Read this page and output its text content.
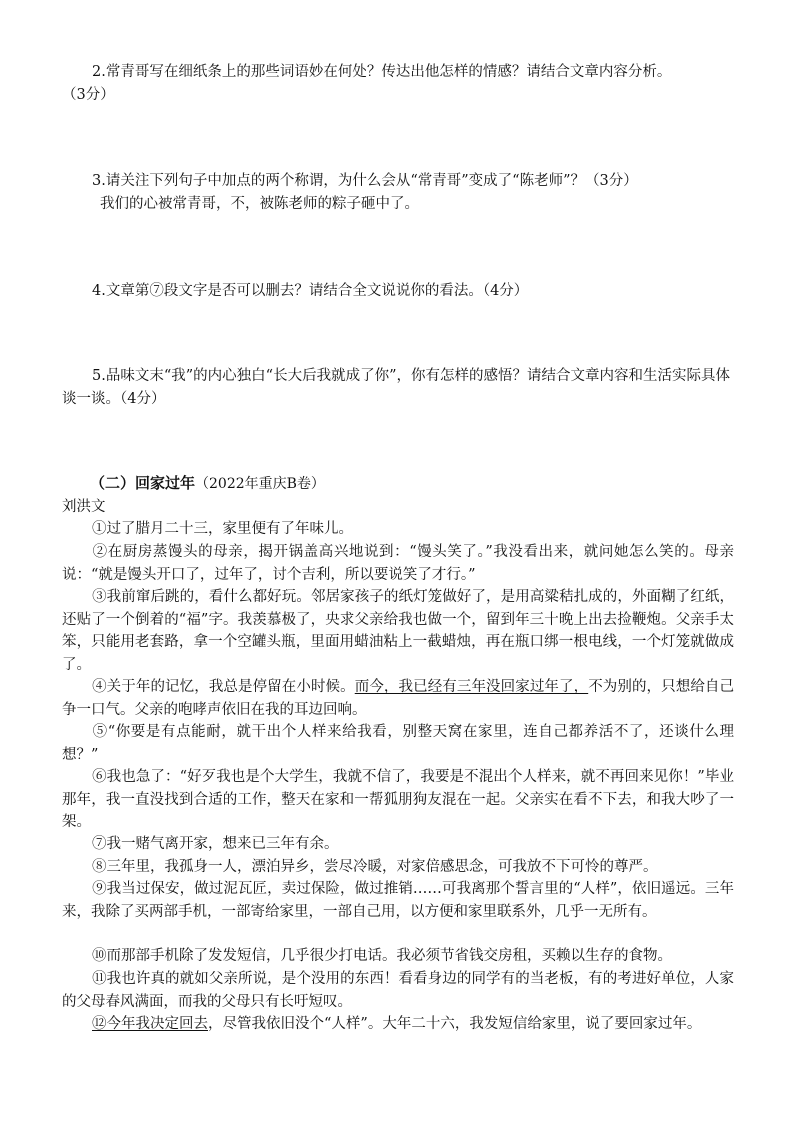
2.常青哥写在细纸条上的那些词语妙在何处？传达出他怎样的情感？请结合文章内容分析。
（3分）

3.请关注下列句子中加点的两个称谓，为什么会从“常青哥”变成了“陈老师”？（3分）
我们的心被常青哥，不，被陈老师的粽子砸中了。

4.文章第⑦段文字是否可以删去？请结合全文说说你的看法。（4分）

5.品味文末“我”的内心独白“长大后我就成了你”，你有怎样的感悟？请结合文章内容和生活实际具体谈一谈。（4分）

（二）回家过年（2022年重庆B卷）

刘洪文

①过了腊月二十三，家里便有了年味儿。

②在厨房蒸馒头的母亲，揭开锅盖高兴地说到：“馒头笑了。”我没看出来，就问她怎么笑的。母亲说：“就是馒头开口了，过年了，讨个吉利，所以要说笑了才行。”

③我前窜后跳的，看什么都好玩。邻居家孩子的纸灯笼做好了，是用高粱秸扎成的，外面糊了红纸，还贴了一个倒着的“福”字。我羡慕极了，央求父亲给我也做一个，留到年三十晚上出去捡鞭炮。父亲手太笨，只能用老套路，拿一个空罐头瓶，里面用蜡油粘上一截蜡烛，再在瓶口绑一根电线，一个灯笼就做成了。

④关于年的记忆，我总是停留在小时候。而今，我已经有三年没回家过年了，不为别的，只想给自己争一口气。父亲的咆哮声依旧在我的耳边回响。

⑤“你要是有点能耐，就干出个人样来给我看，别整天窝在家里，连自己都养活不了，还谈什么理想？”

⑥我也急了：“好歹我也是个大学生，我就不信了，我要是不混出个人样来，就不再回来见你！”毕业那年，我一直没找到合适的工作，整天在家和一帮狐朋狗友混在一起。父亲实在看不下去，和我大吵了一架。

⑦我一赌气离开家，想来已三年有余。

⑧三年里，我孤身一人，漂泊异乡，尝尽冷暖，对家倍感思念，可我放不下可怜的尊严。

⑨我当过保安，做过泥瓦匠，卖过保险，做过推销……可我离那个誓言里的“人样”，依旧遥远。三年来，我除了买两部手机，一部寄给家里，一部自己用，以方便和家里联系外，几乎一无所有。

⑩而那部手机除了发发短信，几乎很少打电话。我必须节省钱交房租，买赖以生存的食物。

⑪我也许真的就如父亲所说，是个没用的东西！看看身边的同学有的当老板，有的考进好单位，人家的父母春风满面，而我的父母只有长吁短叹。

⑫今年我决定回去，尽管我依旧没个“人样”。大年二十六，我发短信给家里，说了要回家过年。
